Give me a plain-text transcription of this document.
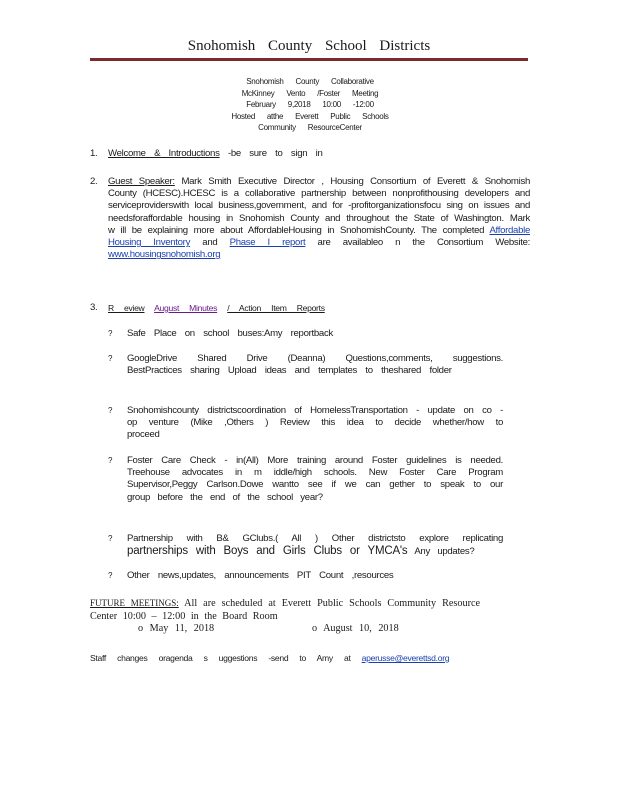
Snohomish County School Districts
Snohomish County Collaborative
McKinney Vento /Foster Meeting
February 9,2018 10:00 -12:00
Hosted atthe Everett Public Schools
Community ResourceCenter
1. Welcome & Introductions -be sure to sign in
2. Guest Speaker: Mark Smith Executive Director , Housing Consortium of Everett & Snohomish County (HCESC).HCESC is a collaborative partnership between nonprofithousing developers and serviceproviderswith local business,government, and for -profitorganizationsfocu sing on issues and needsforaffordable housing in Snohomish County and throughout the State of Washington. Mark w ill be explaining more about AffordableHousing in SnohomishCounty. The completed Affordable Housing Inventory and Phase I report are availableo n the Consortium Website: www.housingsnohomish.org
3. R eview August Minutes / Action Item Reports
? Safe Place on school buses:Amy reportback
? GoogleDrive Shared Drive (Deanna) Questions,comments, suggestions. BestPractices sharing Upload ideas and templates to theshared folder
? Snohomishcounty districtscoordination of HomelessTransportation - update on co -op venture (Mike ,Others ) Review this idea to decide whether/how to proceed
? Foster Care Check - in(All) More training around Foster guidelines is needed. Treehouse advocates in m iddle/high schools. New Foster Care Program Supervisor,Peggy Carlson.Dowe wantto see if we can gether to speak to our group before the end of the school year?
? Partnership with B& GClubs.( All ) Other districtsto explore replicating partnerships with Boys and Girls Clubs or YMCA's Any updates?
? Other news,updates, announcements PIT Count ,resources
FUTURE MEETINGS: All are scheduled at Everett Public Schools Community Resource Center 10:00 – 12:00 in the Board Room
o May 11, 2018	o August 10, 2018
Staff changes oragenda s uggestions -send to Amy at aperusse@everettsd.org
